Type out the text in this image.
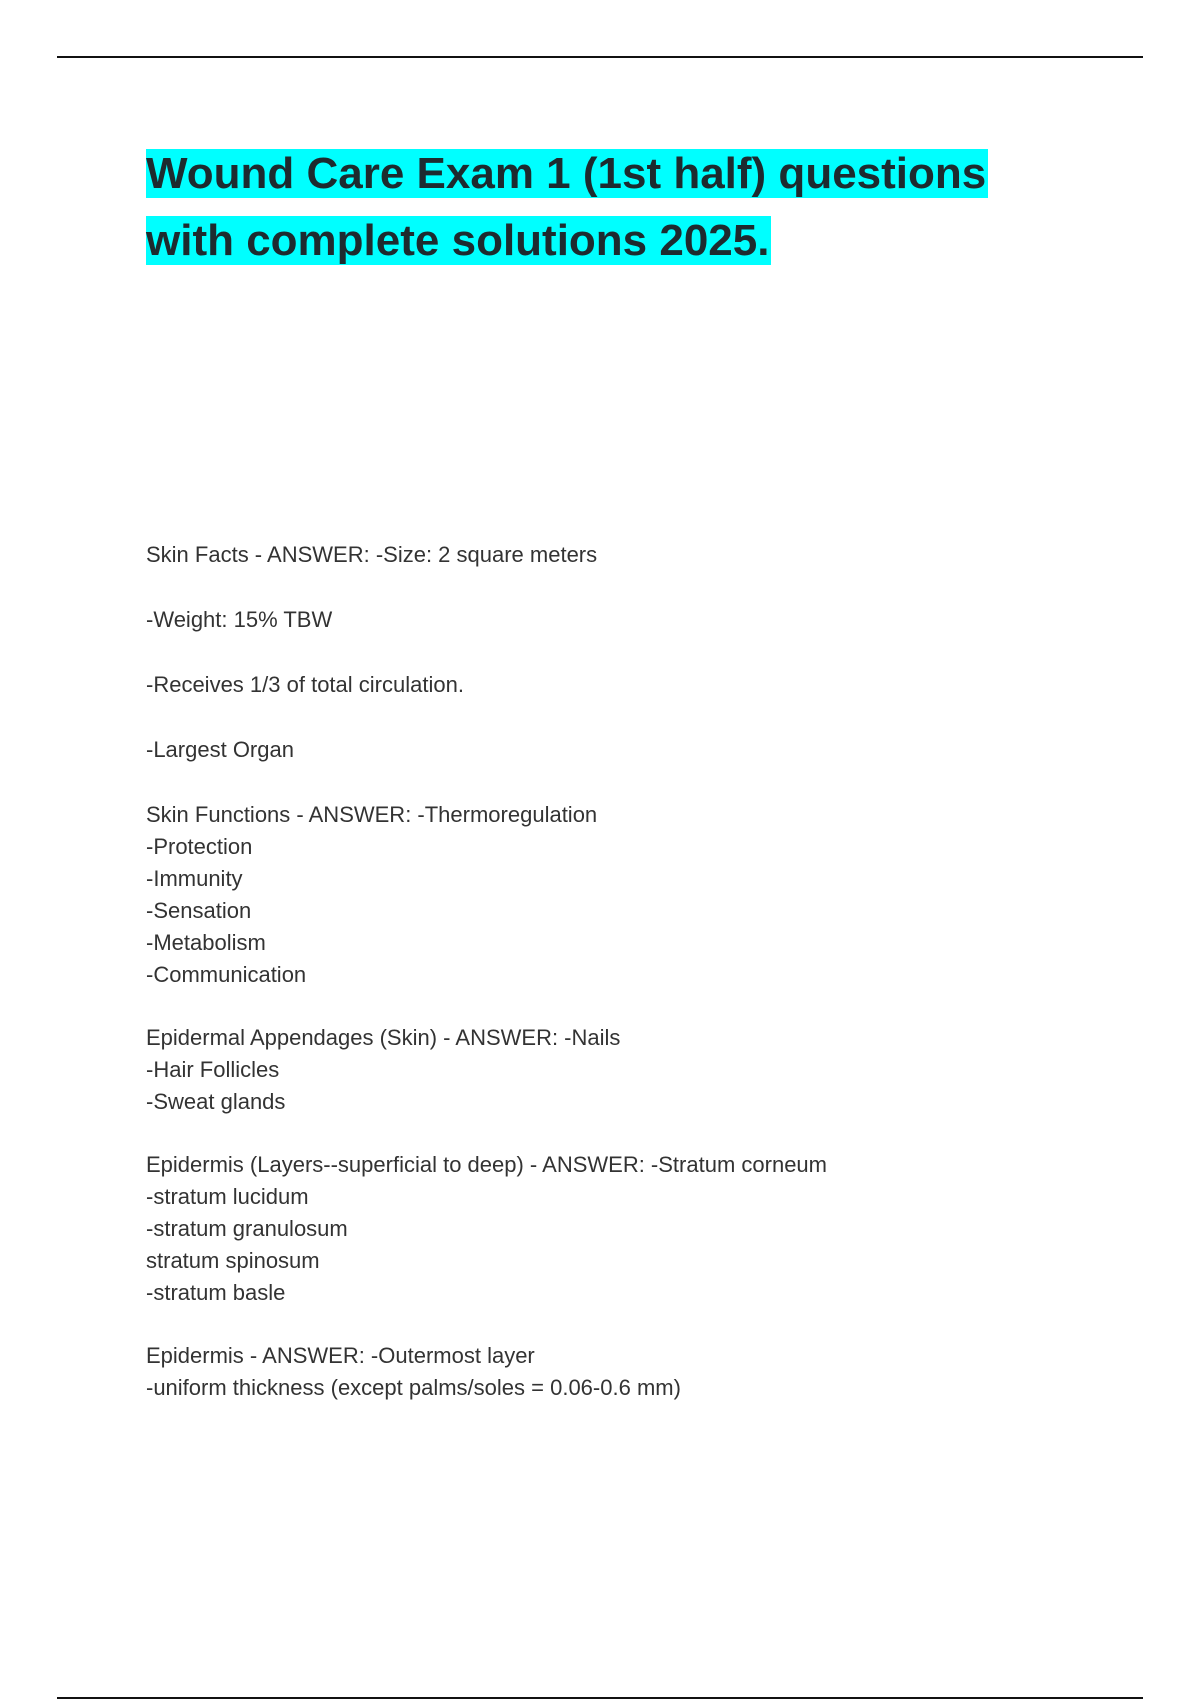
Wound Care Exam 1 (1st half) questions with complete solutions 2025.

Skin Facts - ANSWER: -Size: 2 square meters

-Weight: 15% TBW

-Receives 1/3 of total circulation.

-Largest Organ

Skin Functions - ANSWER: -Thermoregulation
-Protection
-Immunity
-Sensation
-Metabolism
-Communication
Epidermal Appendages (Skin) - ANSWER: -Nails
-Hair Follicles
-Sweat glands
Epidermis (Layers--superficial to deep) - ANSWER: -Stratum corneum
-stratum lucidum
-stratum granulosum
stratum spinosum
-stratum basle
Epidermis - ANSWER: -Outermost layer
-uniform thickness (except palms/soles = 0.06-0.6 mm)
